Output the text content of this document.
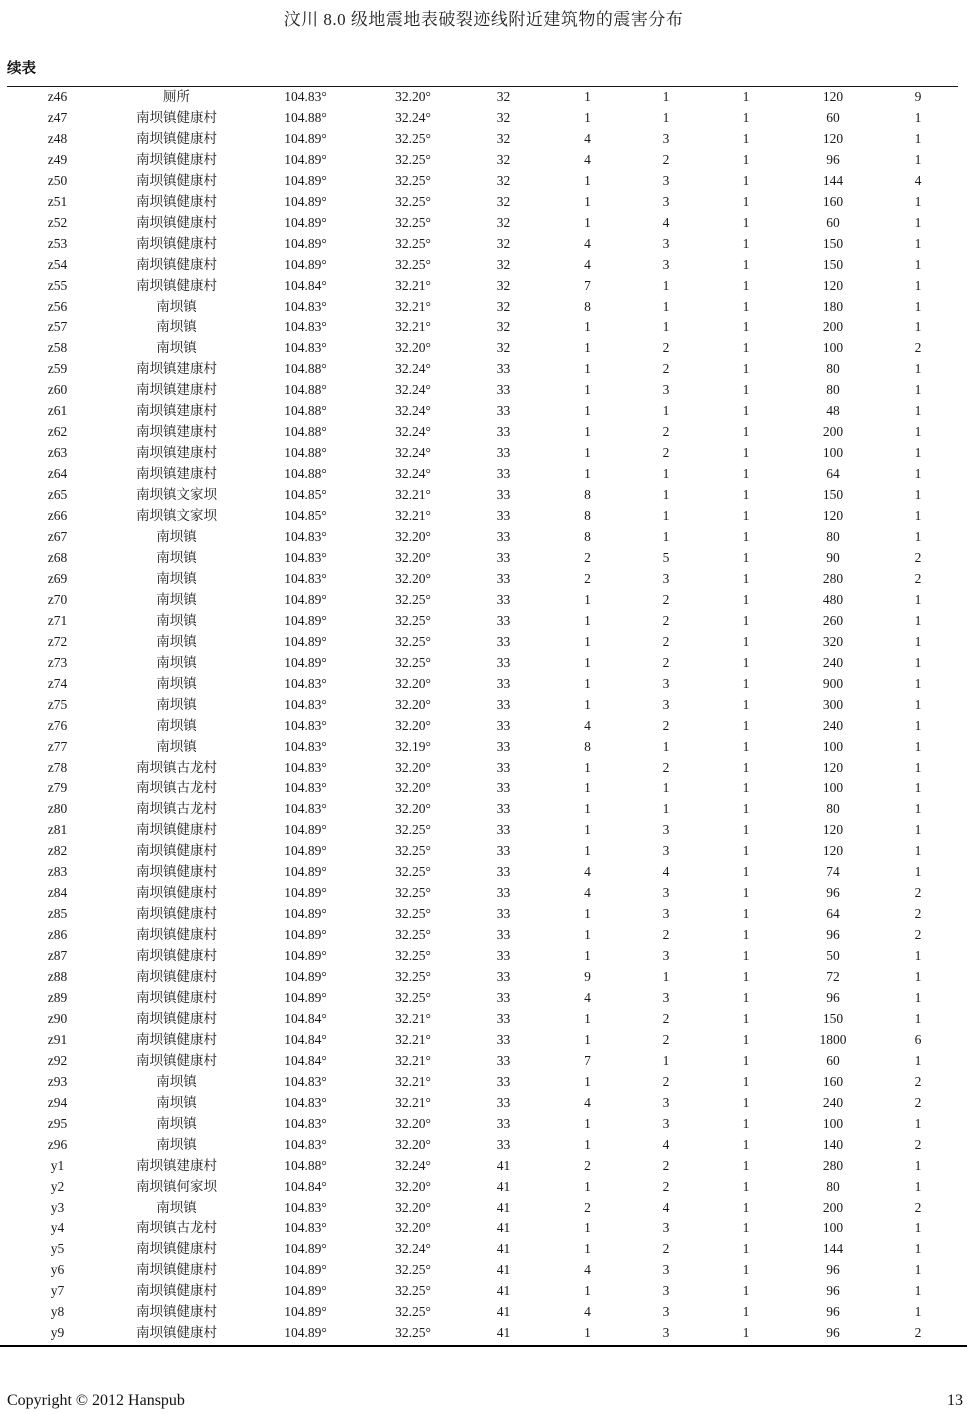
汶川 8.0 级地震地表破裂迹线附近建筑物的震害分布
续表
z46	厕所	104.83°	32.20°	32	1	1	1	120	9
z47	南坝镇健康村	104.88°	32.24°	32	1	1	1	60	1
z48	南坝镇健康村	104.89°	32.25°	32	4	3	1	120	1
z49	南坝镇健康村	104.89°	32.25°	32	4	2	1	96	1
z50	南坝镇健康村	104.89°	32.25°	32	1	3	1	144	4
z51	南坝镇健康村	104.89°	32.25°	32	1	3	1	160	1
z52	南坝镇健康村	104.89°	32.25°	32	1	4	1	60	1
z53	南坝镇健康村	104.89°	32.25°	32	4	3	1	150	1
z54	南坝镇健康村	104.89°	32.25°	32	4	3	1	150	1
z55	南坝镇健康村	104.84°	32.21°	32	7	1	1	120	1
z56	南坝镇	104.83°	32.21°	32	8	1	1	180	1
z57	南坝镇	104.83°	32.21°	32	1	1	1	200	1
z58	南坝镇	104.83°	32.20°	32	1	2	1	100	2
z59	南坝镇建康村	104.88°	32.24°	33	1	2	1	80	1
z60	南坝镇建康村	104.88°	32.24°	33	1	3	1	80	1
z61	南坝镇建康村	104.88°	32.24°	33	1	1	1	48	1
z62	南坝镇建康村	104.88°	32.24°	33	1	2	1	200	1
z63	南坝镇建康村	104.88°	32.24°	33	1	2	1	100	1
z64	南坝镇建康村	104.88°	32.24°	33	1	1	1	64	1
z65	南坝镇文家坝	104.85°	32.21°	33	8	1	1	150	1
z66	南坝镇文家坝	104.85°	32.21°	33	8	1	1	120	1
z67	南坝镇	104.83°	32.20°	33	8	1	1	80	1
z68	南坝镇	104.83°	32.20°	33	2	5	1	90	2
z69	南坝镇	104.83°	32.20°	33	2	3	1	280	2
z70	南坝镇	104.89°	32.25°	33	1	2	1	480	1
z71	南坝镇	104.89°	32.25°	33	1	2	1	260	1
z72	南坝镇	104.89°	32.25°	33	1	2	1	320	1
z73	南坝镇	104.89°	32.25°	33	1	2	1	240	1
z74	南坝镇	104.83°	32.20°	33	1	3	1	900	1
z75	南坝镇	104.83°	32.20°	33	1	3	1	300	1
z76	南坝镇	104.83°	32.20°	33	4	2	1	240	1
z77	南坝镇	104.83°	32.19°	33	8	1	1	100	1
z78	南坝镇古龙村	104.83°	32.20°	33	1	2	1	120	1
z79	南坝镇古龙村	104.83°	32.20°	33	1	1	1	100	1
z80	南坝镇古龙村	104.83°	32.20°	33	1	1	1	80	1
z81	南坝镇健康村	104.89°	32.25°	33	1	3	1	120	1
z82	南坝镇健康村	104.89°	32.25°	33	1	3	1	120	1
z83	南坝镇健康村	104.89°	32.25°	33	4	4	1	74	1
z84	南坝镇健康村	104.89°	32.25°	33	4	3	1	96	2
z85	南坝镇健康村	104.89°	32.25°	33	1	3	1	64	2
z86	南坝镇健康村	104.89°	32.25°	33	1	2	1	96	2
z87	南坝镇健康村	104.89°	32.25°	33	1	3	1	50	1
z88	南坝镇健康村	104.89°	32.25°	33	9	1	1	72	1
z89	南坝镇健康村	104.89°	32.25°	33	4	3	1	96	1
z90	南坝镇健康村	104.84°	32.21°	33	1	2	1	150	1
z91	南坝镇健康村	104.84°	32.21°	33	1	2	1	1800	6
z92	南坝镇健康村	104.84°	32.21°	33	7	1	1	60	1
z93	南坝镇	104.83°	32.21°	33	1	2	1	160	2
z94	南坝镇	104.83°	32.21°	33	4	3	1	240	2
z95	南坝镇	104.83°	32.20°	33	1	3	1	100	1
z96	南坝镇	104.83°	32.20°	33	1	4	1	140	2
y1	南坝镇建康村	104.88°	32.24°	41	2	2	1	280	1
y2	南坝镇何家坝	104.84°	32.20°	41	1	2	1	80	1
y3	南坝镇	104.83°	32.20°	41	2	4	1	200	2
y4	南坝镇古龙村	104.83°	32.20°	41	1	3	1	100	1
y5	南坝镇健康村	104.89°	32.24°	41	1	2	1	144	1
y6	南坝镇健康村	104.89°	32.25°	41	4	3	1	96	1
y7	南坝镇健康村	104.89°	32.25°	41	1	3	1	96	1
y8	南坝镇健康村	104.89°	32.25°	41	4	3	1	96	1
y9	南坝镇健康村	104.89°	32.25°	41	1	3	1	96	2
Copyright © 2012 Hanspub	13
